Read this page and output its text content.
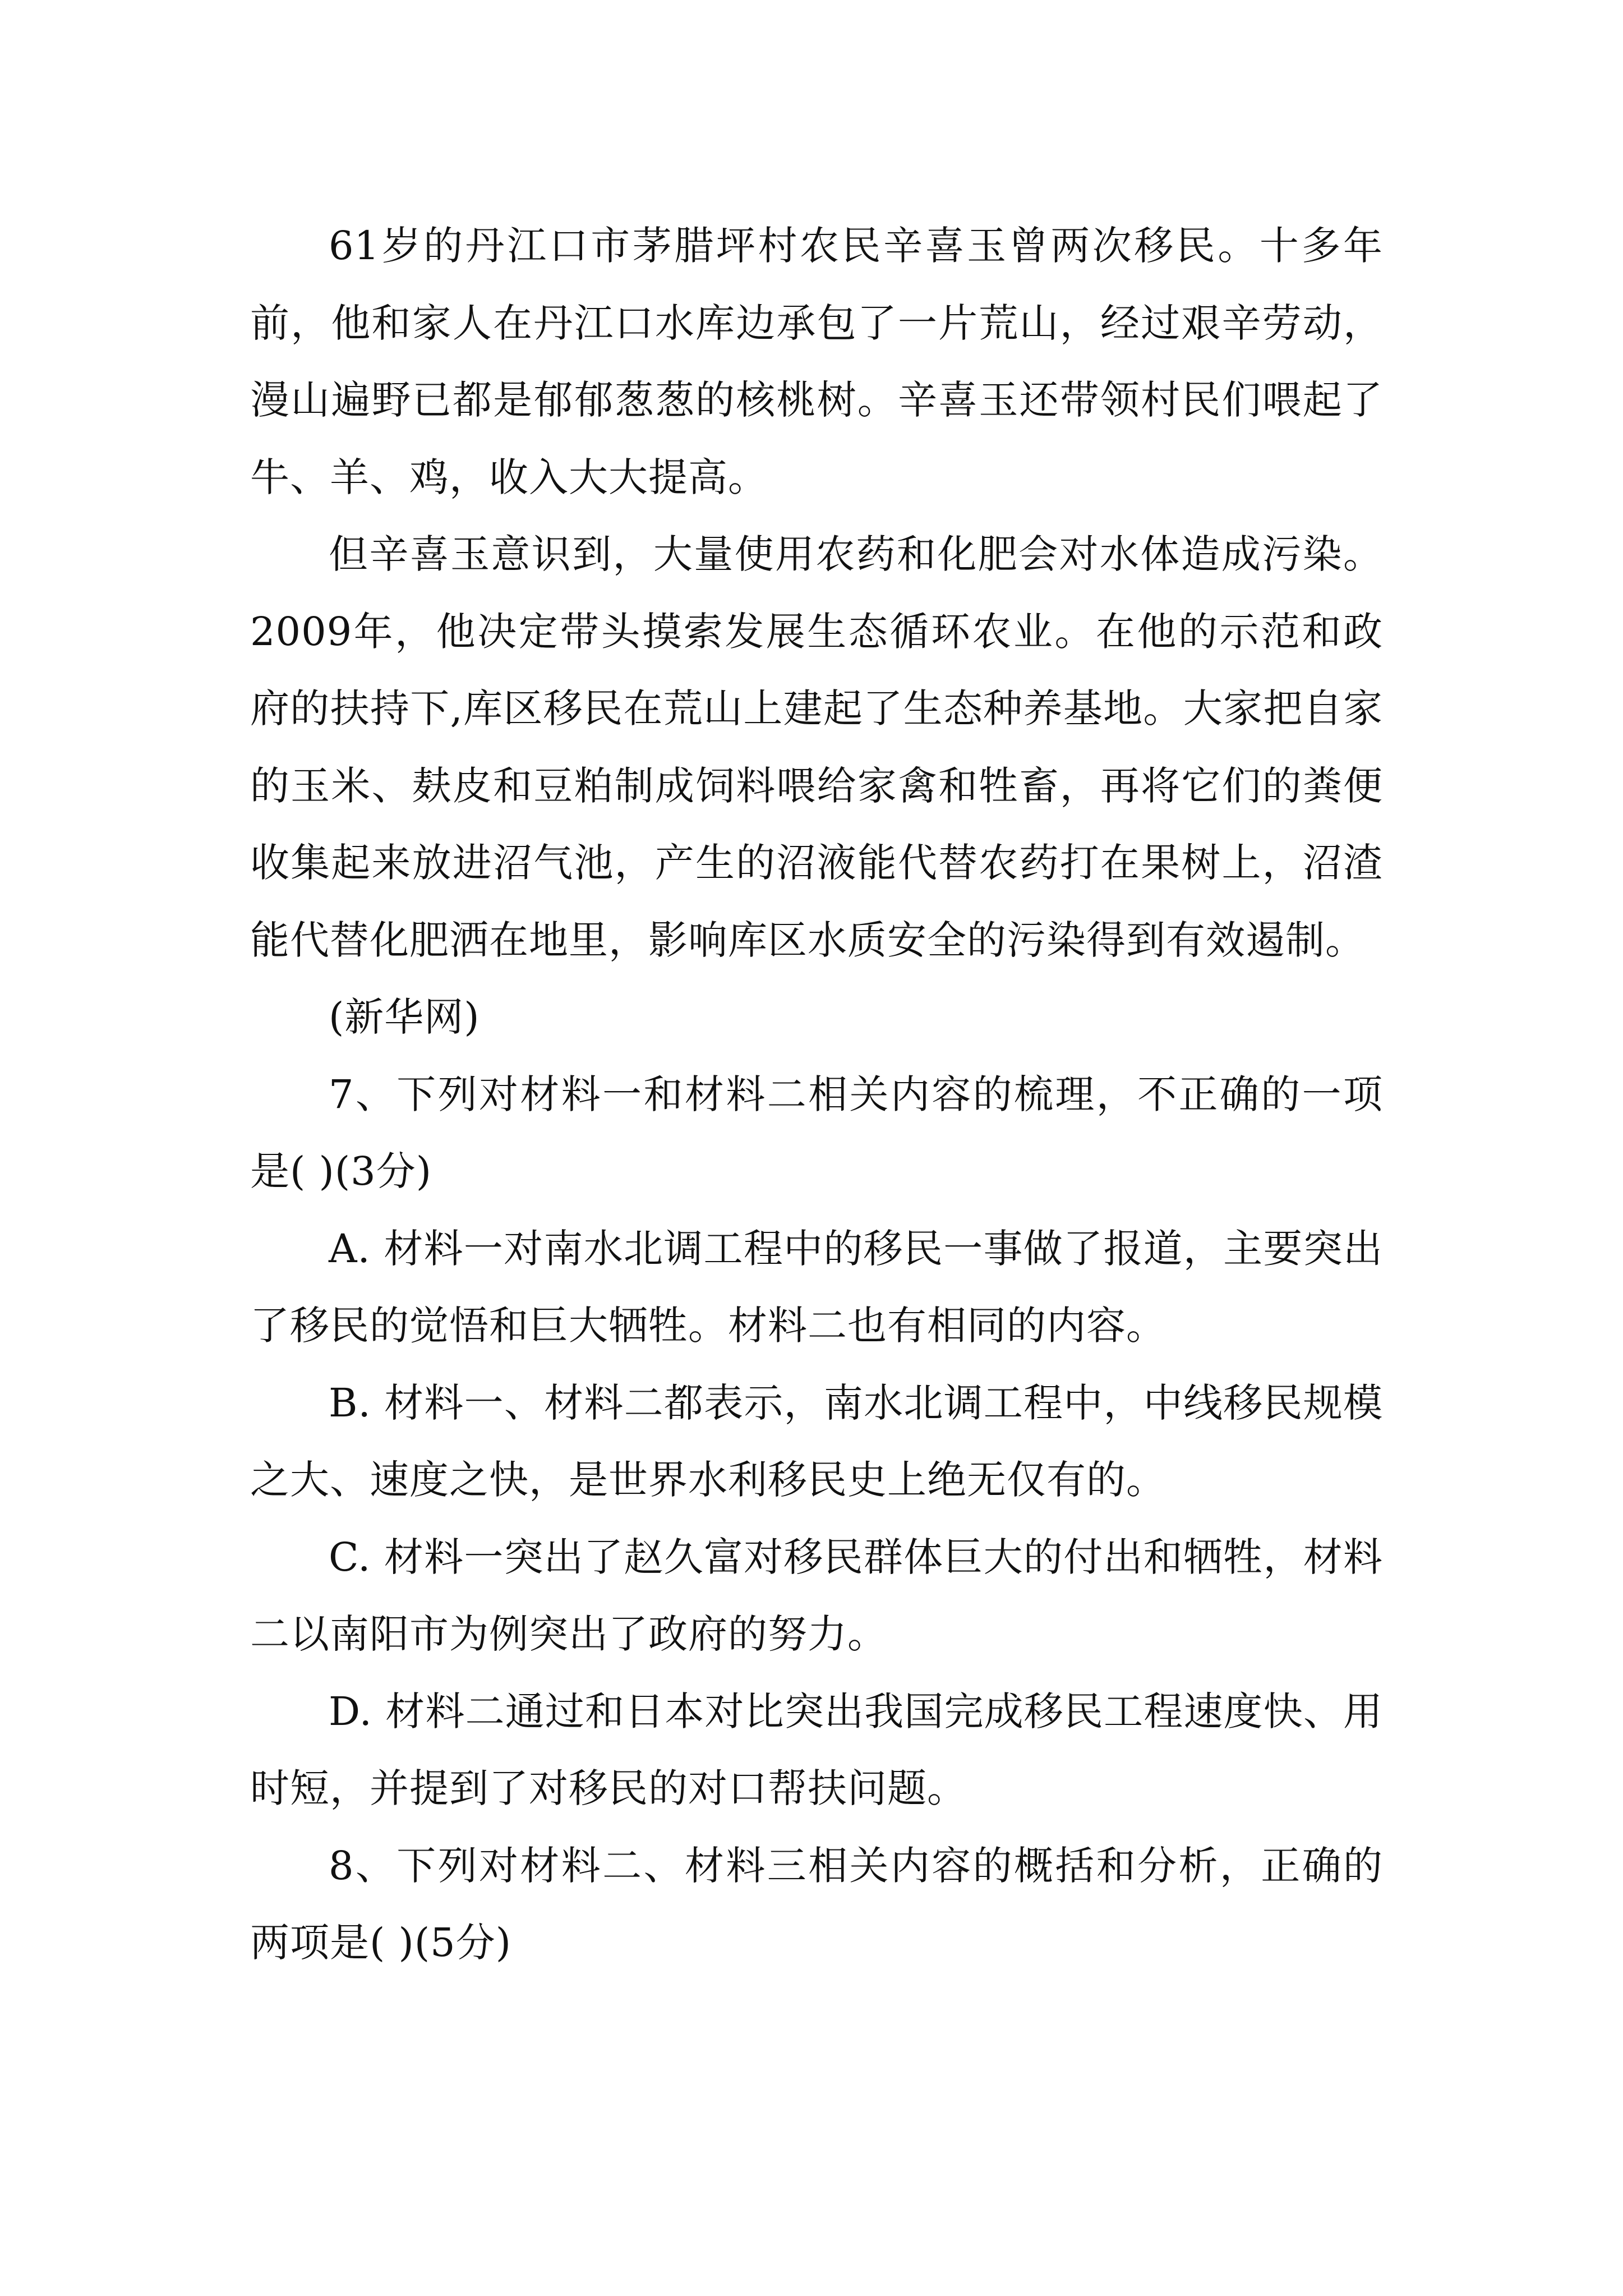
61岁的丹江口市茅腊坪村农民辛喜玉曾两次移民。十多年前，他和家人在丹江口水库边承包了一片荒山，经过艰辛劳动，漫山遍野已都是郁郁葱葱的核桃树。辛喜玉还带领村民们喂起了牛、羊、鸡，收入大大提高。

但辛喜玉意识到，大量使用农药和化肥会对水体造成污染。2009年，他决定带头摸索发展生态循环农业。在他的示范和政府的扶持下,库区移民在荒山上建起了生态种养基地。大家把自家的玉米、麸皮和豆粕制成饲料喂给家禽和牲畜，再将它们的粪便收集起来放进沼气池，产生的沼液能代替农药打在果树上，沼渣能代替化肥洒在地里，影响库区水质安全的污染得到有效遏制。

(新华网)

7、下列对材料一和材料二相关内容的梳理，不正确的一项是( )(3分)

A. 材料一对南水北调工程中的移民一事做了报道，主要突出了移民的觉悟和巨大牺牲。材料二也有相同的内容。

B. 材料一、材料二都表示，南水北调工程中，中线移民规模之大、速度之快，是世界水利移民史上绝无仅有的。

C. 材料一突出了赵久富对移民群体巨大的付出和牺牲，材料二以南阳市为例突出了政府的努力。

D. 材料二通过和日本对比突出我国完成移民工程速度快、用时短，并提到了对移民的对口帮扶问题。

8、下列对材料二、材料三相关内容的概括和分析，正确的两项是( )(5分)
